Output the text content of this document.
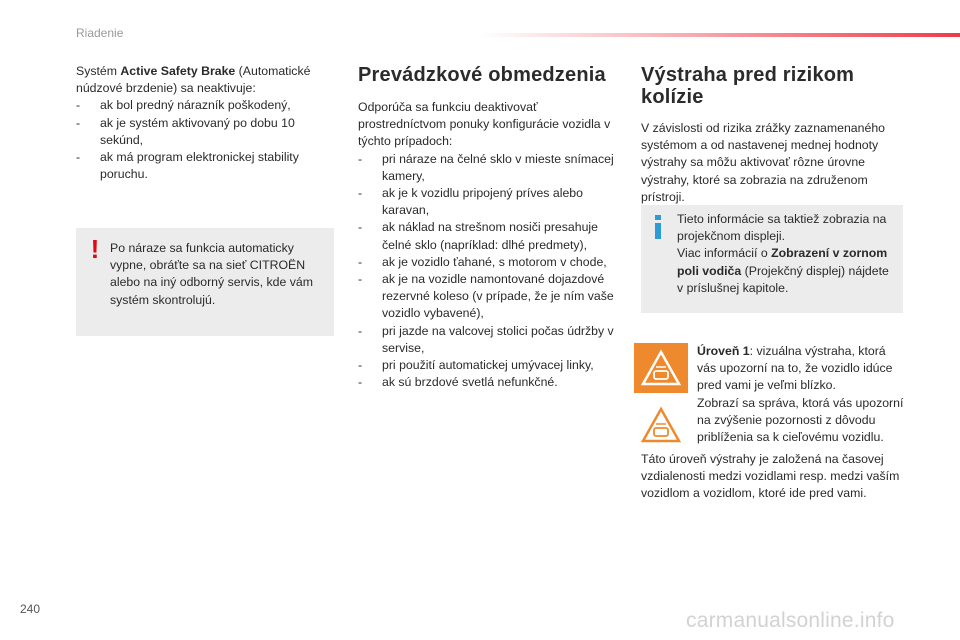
Riadenie

Systém Active Safety Brake (Automatické núdzové brzdenie) sa neaktivuje:

- ak bol predný nárazník poškodený,
- ak je systém aktivovaný po dobu 10 sekúnd,
- ak má program elektronickej stability poruchu.
! Po náraze sa funkcia automaticky vypne, obráťte sa na sieť CITROËN alebo na iný odborný servis, kde vám systém skontrolujú.
Prevádzkové obmedzenia

Odporúča sa funkciu deaktivovať prostredníctvom ponuky konfigurácie vozidla v týchto prípadoch:

- pri náraze na čelné sklo v mieste snímacej kamery,
- ak je k vozidlu pripojený príves alebo karavan,
- ak náklad na strešnom nosiči presahuje čelné sklo (napríklad: dlhé predmety),
- ak je vozidlo ťahané, s motorom v chode,
- ak je na vozidle namontované dojazdové rezervné koleso (v prípade, že je ním vaše vozidlo vybavené),
- pri jazde na valcovej stolici počas údržby v servise,
- pri použití automatickej umývacej linky,
- ak sú brzdové svetlá nefunkčné.
Výstraha pred rizikom
kolízie

V závislosti od rizika zrážky zaznamenaného systémom a od nastavenej mednej hodnoty výstrahy sa môžu aktivovať rôzne úrovne výstrahy, ktoré sa zobrazia na združenom prístroji.

Tieto informácie sa taktiež zobrazia na projekčnom displeji.
Viac informácií o Zobrazení v zornom poli vodiča (Projekčný displej) nájdete v príslušnej kapitole.

Úroveň 1: vizuálna výstraha, ktorá vás upozorní na to, že vozidlo idúce pred vami je veľmi blízko.

Zobrazí sa správa, ktorá vás upozorní na zvýšenie pozornosti z dôvodu priblíženia sa k cieľovému vozidlu.

Táto úroveň výstrahy je založená na časovej vzdialenosti medzi vozidlami resp. medzi vaším vozidlom a vozidlom, ktoré ide pred vami.

240	carmanualsonline.info
